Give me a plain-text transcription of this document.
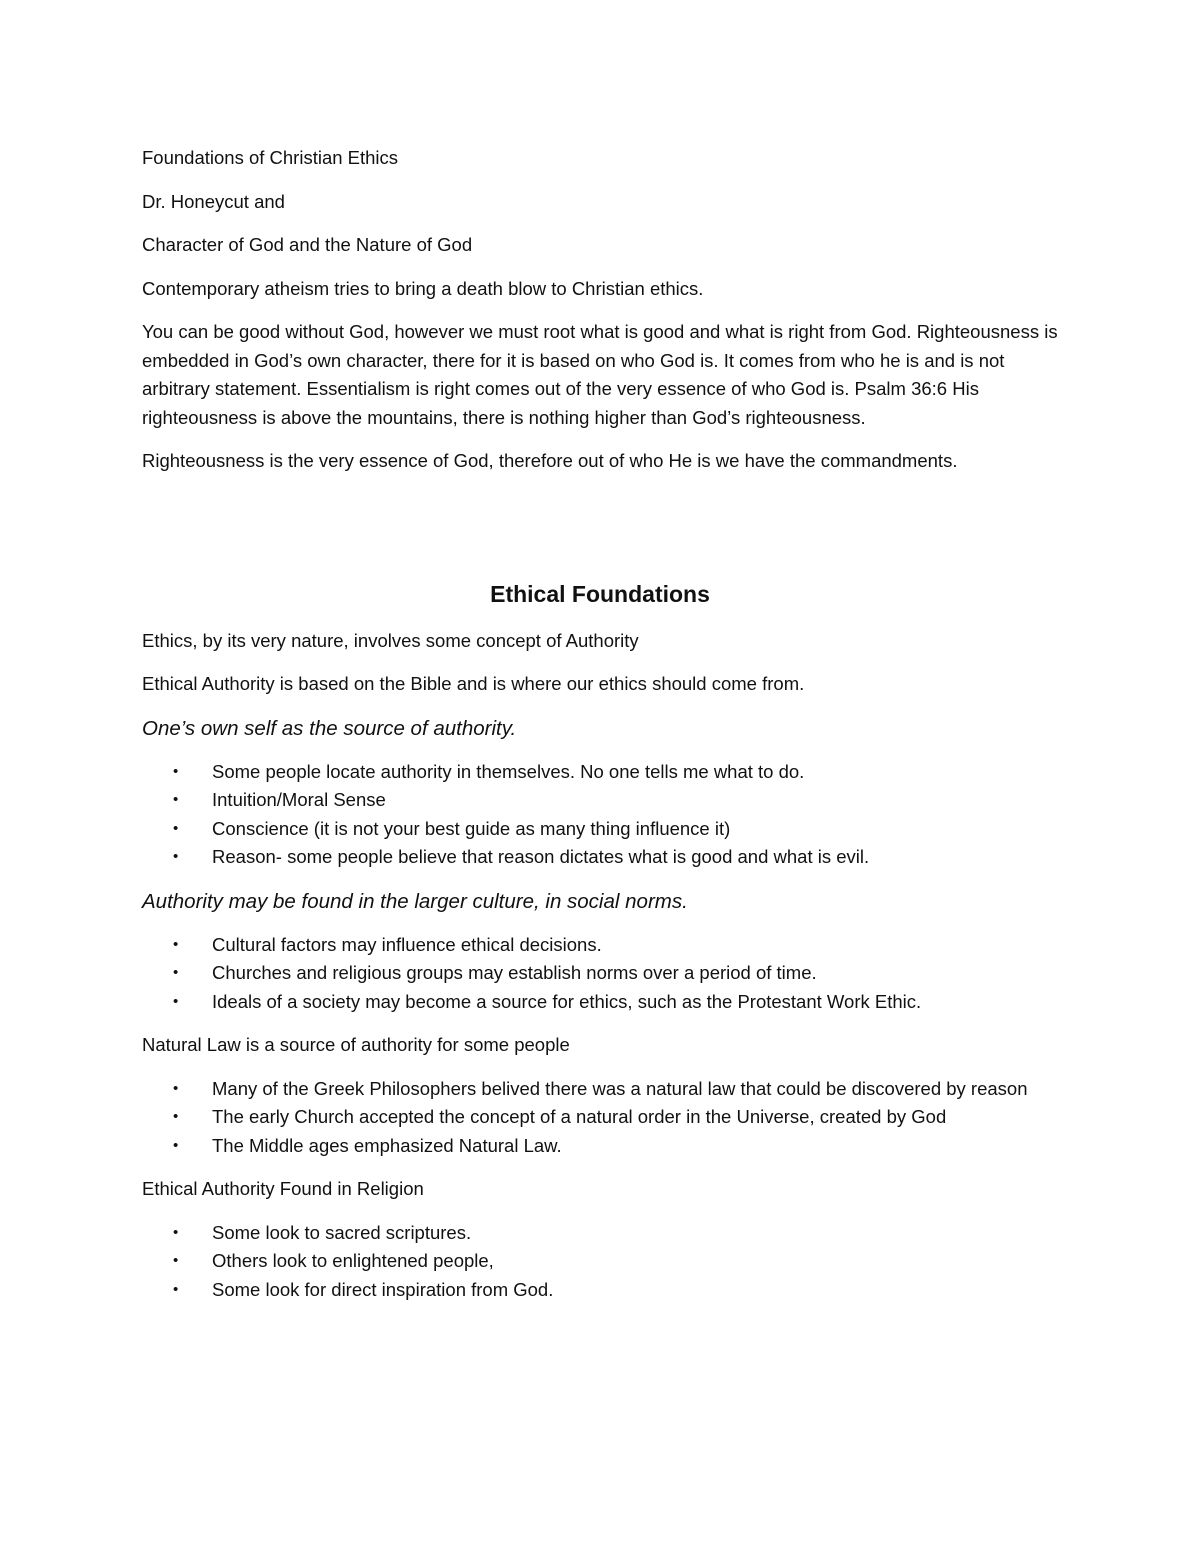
Foundations of Christian Ethics

Dr. Honeycut and

Character of God and the Nature of God

Contemporary atheism tries to bring a death blow to Christian ethics.

You can be good without God, however we must root what is good and what is right from God. Righteousness is embedded in God’s own character, there for it is based on who God is. It comes from who he is and is not arbitrary statement. Essentialism is right comes out of the very essence of who God is. Psalm 36:6 His righteousness is above the mountains, there is nothing higher than God’s righteousness.

Righteousness is the very essence of God, therefore out of who He is we have the commandments.

Ethical Foundations

Ethics, by its very nature, involves some concept of Authority

Ethical Authority is based on the Bible and is where our ethics should come from.

One’s own self as the source of authority.
• Some people locate authority in themselves. No one tells me what to do.
• Intuition/Moral Sense
• Conscience (it is not your best guide as many thing influence it)
• Reason- some people believe that reason dictates what is good and what is evil.
Authority may be found in the larger culture, in social norms.
• Cultural factors may influence ethical decisions.
• Churches and religious groups may establish norms over a period of time.
• Ideals of a society may become a source for ethics, such as the Protestant Work Ethic.

Natural Law is a source of authority for some people

• Many of the Greek Philosophers belived there was a natural law that could be discovered by reason
• The early Church accepted the concept of a natural order in the Universe, created by God
• The Middle ages emphasized Natural Law.

Ethical Authority Found in Religion

• Some look to sacred scriptures.
• Others look to enlightened people,
• Some look for direct inspiration from God.
